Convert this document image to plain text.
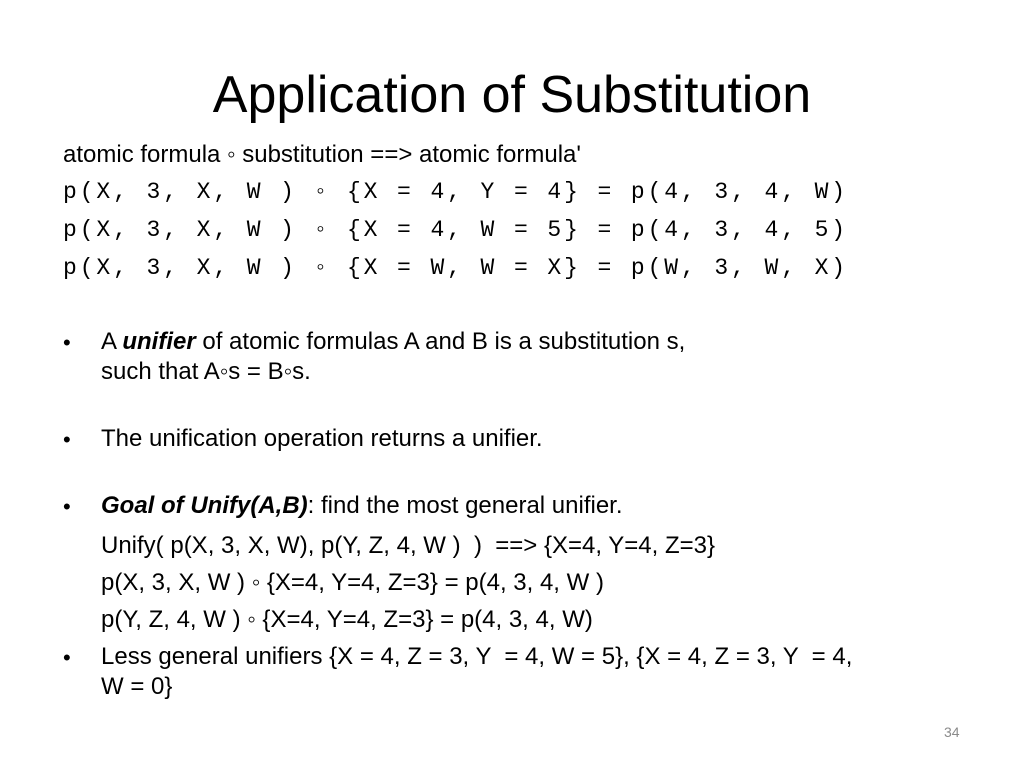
Application of Substitution
atomic formula ◦ substitution ==> atomic formula'
p(X, 3, X, W ) ◦ {X = 4, Y = 4} = p(4, 3, 4, W)
p(X, 3, X, W ) ◦ {X = 4, W = 5} = p(4, 3, 4, 5)
p(X, 3, X, W ) ◦ {X = W, W = X} = p(W, 3, W, X)
• A unifier of atomic formulas A and B is a substitution s,
such that A◦s = B◦s.
• The unification operation returns a unifier.
• Goal of Unify(A,B): find the most general unifier.
Unify( p(X, 3, X, W), p(Y, Z, 4, W )  )  ==> {X=4, Y=4, Z=3}
p(X, 3, X, W ) ◦ {X=4, Y=4, Z=3} = p(4, 3, 4, W )
p(Y, Z, 4, W ) ◦ {X=4, Y=4, Z=3} = p(4, 3, 4, W)
• Less general unifiers {X = 4, Z = 3, Y  = 4, W = 5}, {X = 4, Z = 3, Y  = 4,
W = 0}
34
